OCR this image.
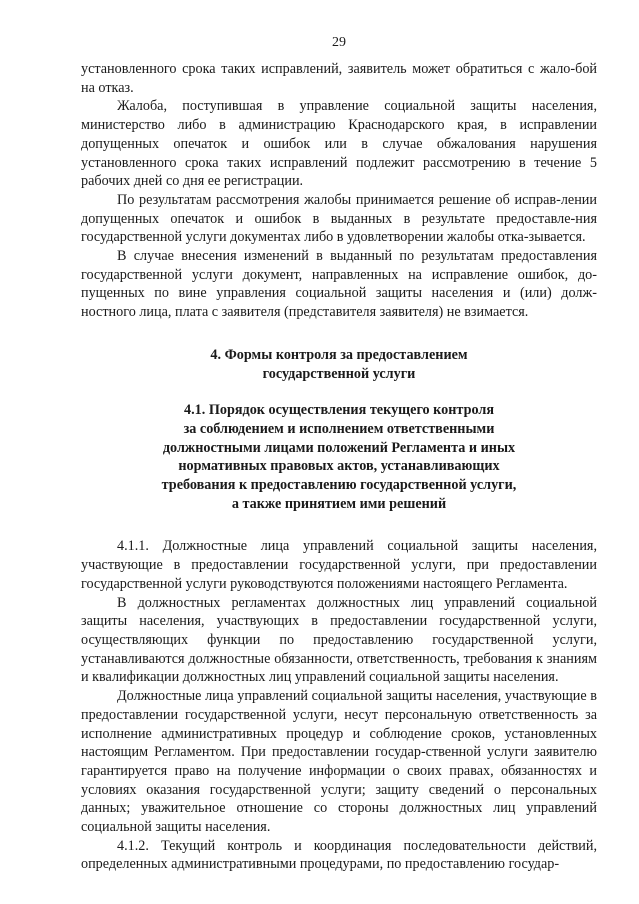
29

установленного срока таких исправлений, заявитель может обратиться с жало-бой на отказ.

Жалоба, поступившая в управление социальной защиты населения, министерство либо в администрацию Краснодарского края, в исправлении допущенных опечаток и ошибок или в случае обжалования нарушения установленного срока таких исправлений подлежит рассмотрению в течение 5 рабочих дней со дня ее регистрации.

По результатам рассмотрения жалобы принимается решение об исправ-лении допущенных опечаток и ошибок в выданных в результате предоставле-ния государственной услуги документах либо в удовлетворении жалобы отка-зывается.

В случае внесения изменений в выданный по результатам предоставления государственной услуги документ, направленных на исправление ошибок, до-пущенных по вине управления социальной защиты населения и (или) долж-ностного лица, плата с заявителя (представителя заявителя) не взимается.

4. Формы контроля за предоставлением
государственной услуги
4.1. Порядок осуществления текущего контроля
за соблюдением и исполнением ответственными
должностными лицами положений Регламента и иных
нормативных правовых актов, устанавливающих
требования к предоставлению государственной услуги,
а также принятием ими решений

4.1.1. Должностные лица управлений социальной защиты населения, участвующие в предоставлении государственной услуги, при предоставлении государственной услуги руководствуются положениями настоящего Регламента.

В должностных регламентах должностных лиц управлений социальной защиты населения, участвующих в предоставлении государственной услуги, осуществляющих функции по предоставлению государственной услуги, устанавливаются должностные обязанности, ответственность, требования к знаниям и квалификации должностных лиц управлений социальной защиты населения.

Должностные лица управлений социальной защиты населения, участвующие в предоставлении государственной услуги, несут персональную ответственность за исполнение административных процедур и соблюдение сроков, установленных настоящим Регламентом. При предоставлении государ-ственной услуги заявителю гарантируется право на получение информации о своих правах, обязанностях и условиях оказания государственной услуги; защиту сведений о персональных данных; уважительное отношение со стороны должностных лиц управлений социальной защиты населения.

4.1.2. Текущий контроль и координация последовательности действий, определенных административными процедурами, по предоставлению государ-
